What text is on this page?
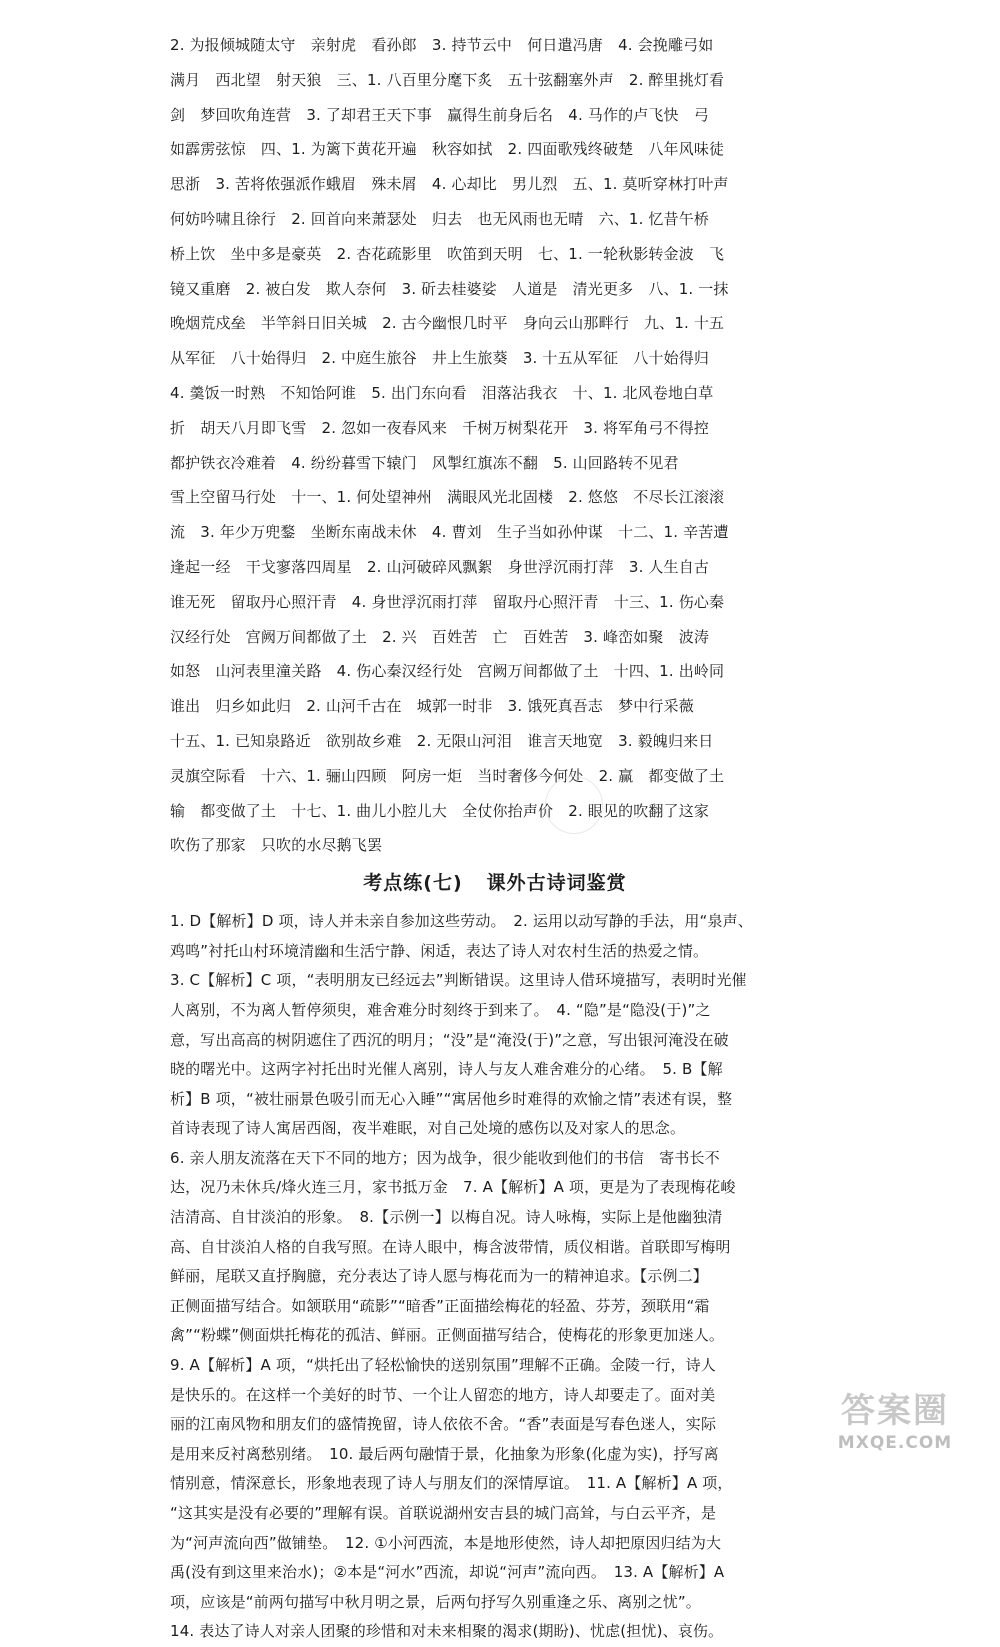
2. 为报倾城随太守　亲射虎　看孙郎　3. 持节云中　何日遣冯唐　4. 会挽雕弓如
满月　西北望　射天狼　三、1. 八百里分麾下炙　五十弦翻塞外声　2. 醉里挑灯看
剑　梦回吹角连营　3. 了却君王天下事　赢得生前身后名　4. 马作的卢飞快　弓
如霹雳弦惊　四、1. 为篱下黄花开遍　秋容如拭　2. 四面歌残终破楚　八年风味徒
思浙　3. 苦将侬强派作蛾眉　殊未屑　4. 心却比　男儿烈　五、1. 莫听穿林打叶声
何妨吟啸且徐行　2. 回首向来萧瑟处　归去　也无风雨也无晴　六、1. 忆昔午桥
桥上饮　坐中多是豪英　2. 杏花疏影里　吹笛到天明　七、1. 一轮秋影转金波　飞
镜又重磨　2. 被白发　欺人奈何　3. 斫去桂婆娑　人道是　清光更多　八、1. 一抹
晚烟荒戍垒　半竿斜日旧关城　2. 古今幽恨几时平　身向云山那畔行　九、1. 十五
从军征　八十始得归　2. 中庭生旅谷　井上生旅葵　3. 十五从军征　八十始得归
4. 羹饭一时熟　不知饴阿谁　5. 出门东向看　泪落沾我衣　十、1. 北风卷地白草
折　胡天八月即飞雪　2. 忽如一夜春风来　千树万树梨花开　3. 将军角弓不得控
都护铁衣冷难着　4. 纷纷暮雪下辕门　风掣红旗冻不翻　5. 山回路转不见君
雪上空留马行处　十一、1. 何处望神州　满眼风光北固楼　2. 悠悠　不尽长江滚滚
流　3. 年少万兜鍪　坐断东南战未休　4. 曹刘　生子当如孙仲谋　十二、1. 辛苦遭
逢起一经　干戈寥落四周星　2. 山河破碎风飘絮　身世浮沉雨打萍　3. 人生自古
谁无死　留取丹心照汗青　4. 身世浮沉雨打萍　留取丹心照汗青　十三、1. 伤心秦
汉经行处　宫阙万间都做了土　2. 兴　百姓苦　亡　百姓苦　3. 峰峦如聚　波涛
如怒　山河表里潼关路　4. 伤心秦汉经行处　宫阙万间都做了土　十四、1. 出岭同
谁出　归乡如此归　2. 山河千古在　城郭一时非　3. 饿死真吾志　梦中行采薇
十五、1. 已知泉路近　欲别故乡难　2. 无限山河泪　谁言天地宽　3. 毅魄归来日
灵旗空际看　十六、1. 骊山四顾　阿房一炬　当时奢侈今何处　2. 赢　都变做了土
输　都变做了土　十七、1. 曲儿小腔儿大　全仗你抬声价　2. 眼见的吹翻了这家
吹伤了那家　只吹的水尽鹅飞罢
考点练(七) 课外古诗词鉴赏
1. D【解析】D 项，诗人并未亲自参加这些劳动。　2. 运用以动写静的手法，用“泉声、
鸡鸣”衬托山村环境清幽和生活宁静、闲适，表达了诗人对农村生活的热爱之情。
3. C【解析】C 项，“表明朋友已经远去”判断错误。这里诗人借环境描写，表明时光催
人离别，不为离人暂停须臾，难舍难分时刻终于到来了。　4. “隐”是“隐没(于)”之
意，写出高高的树阴遮住了西沉的明月；“没”是“淹没(于)”之意，写出银河淹没在破
晓的曙光中。这两字衬托出时光催人离别，诗人与友人难舍难分的心绪。　5. B【解
析】B 项，“被壮丽景色吸引而无心入睡”“寓居他乡时难得的欢愉之情”表述有误，整
首诗表现了诗人寓居西阁，夜半难眠，对自己处境的感伤以及对家人的思念。
6. 亲人朋友流落在天下不同的地方；因为战争，很少能收到他们的书信　寄书长不
达，况乃未休兵/烽火连三月，家书抵万金　7. A【解析】A 项，更是为了表现梅花峻
洁清高、自甘淡泊的形象。　8.【示例一】以梅自况。诗人咏梅，实际上是他幽独清
高、自甘淡泊人格的自我写照。在诗人眼中，梅含波带情，质仪相谐。首联即写梅明
鲜丽，尾联又直抒胸臆，充分表达了诗人愿与梅花而为一的精神追求。【示例二】
正侧面描写结合。如颔联用“疏影”“暗香”正面描绘梅花的轻盈、芬芳，颈联用“霜
禽”“粉蝶”侧面烘托梅花的孤洁、鲜丽。正侧面描写结合，使梅花的形象更加迷人。
9. A【解析】A 项，“烘托出了轻松愉快的送别氛围”理解不正确。金陵一行，诗人
是快乐的。在这样一个美好的时节、一个让人留恋的地方，诗人却要走了。面对美
丽的江南风物和朋友们的盛情挽留，诗人依依不舍。“香”表面是写春色迷人，实际
是用来反衬离愁别绪。　10. 最后两句融情于景，化抽象为形象(化虚为实)，抒写离
情别意，情深意长，形象地表现了诗人与朋友们的深情厚谊。　11. A【解析】A 项，
“这其实是没有必要的”理解有误。首联说湖州安吉县的城门高耸，与白云平齐，是
为“河声流向西”做铺垫。　12. ①小河西流，本是地形使然，诗人却把原因归结为大
禹(没有到这里来治水)；②本是“河水”西流，却说“河声”流向西。　13. A【解析】A
项，应该是“前两句描写中秋月明之景，后两句抒写久别重逢之乐、离别之忧”。
14. 表达了诗人对亲人团聚的珍惜和对未来相聚的渴求(期盼)、忧虑(担忧)、哀伤。
答案圈
MXQE.COM
